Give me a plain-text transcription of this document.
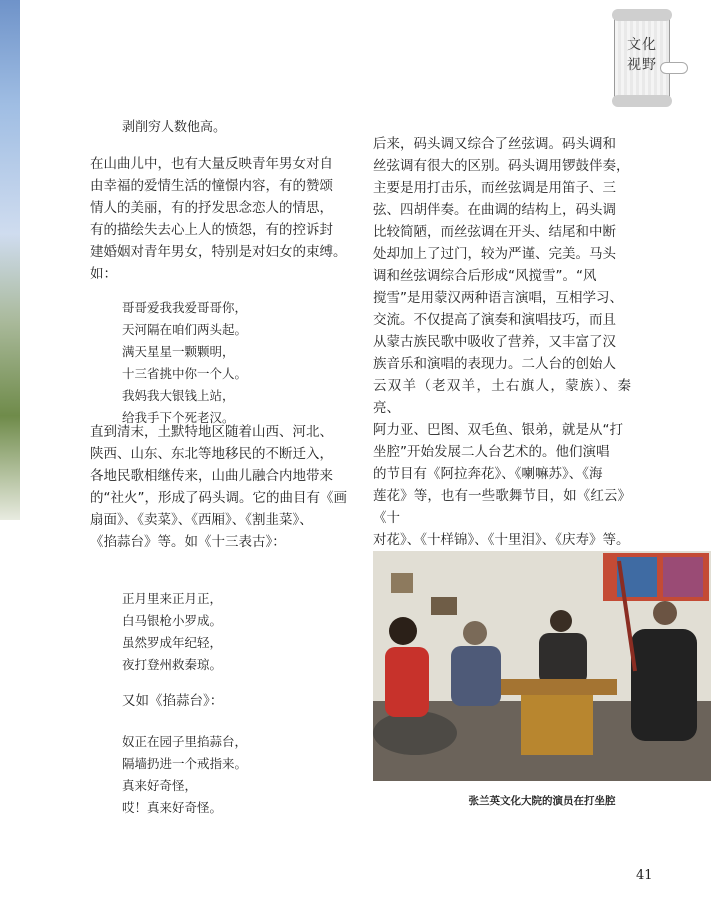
文化
视野
剥削穷人数他高。
在山曲儿中，也有大量反映青年男女对自
由幸福的爱情生活的憧憬内容，有的赞颂
情人的美丽，有的抒发思念恋人的情思，
有的描绘失去心上人的愤怨，有的控诉封
建婚姻对青年男女，特别是对妇女的束缚。
如：
哥哥爱我我爱哥哥你，
天河隔在咱们两头起。
满天星星一颗颗明，
十三省挑中你一个人。
我妈我大银钱上站，
给我手下个死老汉。
直到清末，土默特地区随着山西、河北、
陕西、山东、东北等地移民的不断迁入，
各地民歌相继传来，山曲儿融合内地带来
的“社火”，形成了码头调。它的曲目有《画
扇面》、《卖菜》、《西厢》、《割韭菜》、
《掐蒜台》等。如《十三表古》：
正月里来正月正，
白马银枪小罗成。
虽然罗成年纪轻，
夜打登州救秦琼。
又如《掐蒜台》：
奴正在园子里掐蒜台，
隔墙扔进一个戒指来。
真来好奇怪，
哎！真来好奇怪。
后来，码头调又综合了丝弦调。码头调和
丝弦调有很大的区别。码头调用锣鼓伴奏，
主要是用打击乐，而丝弦调是用笛子、三
弦、四胡伴奏。在曲调的结构上，码头调
比较简陋，而丝弦调在开头、结尾和中断
处却加上了过门，较为严谨、完美。马头
调和丝弦调综合后形成“风搅雪”。“风
搅雪”是用蒙汉两种语言演唱，互相学习、
交流。不仅提高了演奏和演唱技巧，而且
从蒙古族民歌中吸收了营养，又丰富了汉
族音乐和演唱的表现力。二人台的创始人
云双羊（老双羊，土右旗人，蒙族）、秦亮、
阿力亚、巴图、双毛鱼、银弟，就是从“打
坐腔”开始发展二人台艺术的。他们演唱
的节目有《阿拉奔花》、《喇嘛苏》、《海
莲花》等，也有一些歌舞节目，如《红云》《十
对花》、《十样锦》、《十里泪》、《庆寿》等。

张兰英文化大院的演员在打坐腔
41
